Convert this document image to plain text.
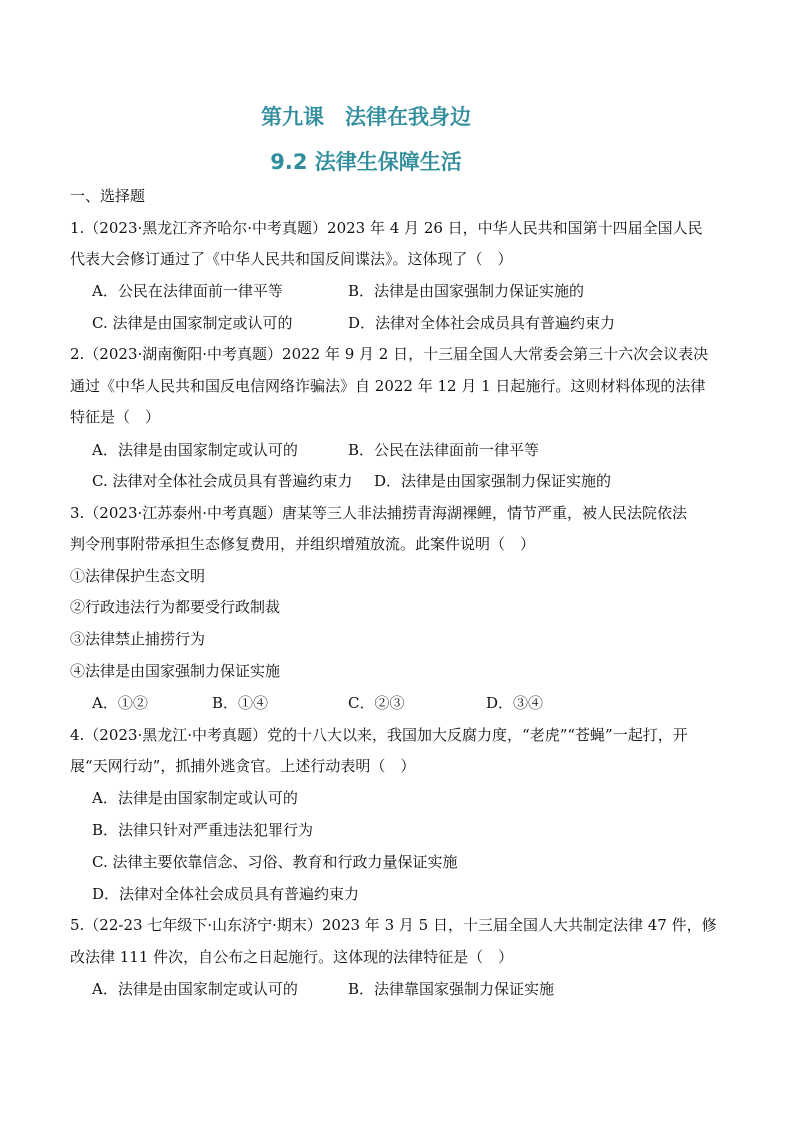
第九课　法律在我身边
9.2 法律生保障生活
一、选择题
1.（2023·黑龙江齐齐哈尔·中考真题）2023 年 4 月 26 日，中华人民共和国第十四届全国人民
代表大会修订通过了《中华人民共和国反间谍法》。这体现了（　）
A．公民在法律面前一律平等	B．法律是由国家强制力保证实施的
C. 法律是由国家制定或认可的	D．法律对全体社会成员具有普遍约束力
2.（2023·湖南衡阳·中考真题）2022 年 9 月 2 日，十三届全国人大常委会第三十六次会议表决
通过《中华人民共和国反电信网络诈骗法》自 2022 年 12 月 1 日起施行。这则材料体现的法律
特征是（　）
A．法律是由国家制定或认可的	B．公民在法律面前一律平等
C. 法律对全体社会成员具有普遍约束力 D．法律是由国家强制力保证实施的
3.（2023·江苏泰州·中考真题）唐某等三人非法捕捞青海湖裸鲤，情节严重，被人民法院依法
判令刑事附带承担生态修复费用，并组织增殖放流。此案件说明（　）
①法律保护生态文明
②行政违法行为都要受行政制裁
③法律禁止捕捞行为
④法律是由国家强制力保证实施
A．①②	B．①④	C．②③	D．③④
4.（2023·黑龙江·中考真题）党的十八大以来，我国加大反腐力度，“老虎”“苍蝇”一起打，开
展“天网行动”，抓捕外逃贪官。上述行动表明（　）
A．法律是由国家制定或认可的
B．法律只针对严重违法犯罪行为
C. 法律主要依靠信念、习俗、教育和行政力量保证实施
D．法律对全体社会成员具有普遍约束力
5.（22-23 七年级下·山东济宁·期末）2023 年 3 月 5 日，十三届全国人大共制定法律 47 件，修
改法律 111 件次，自公布之日起施行。这体现的法律特征是（　）
A．法律是由国家制定或认可的	B．法律靠国家强制力保证实施
